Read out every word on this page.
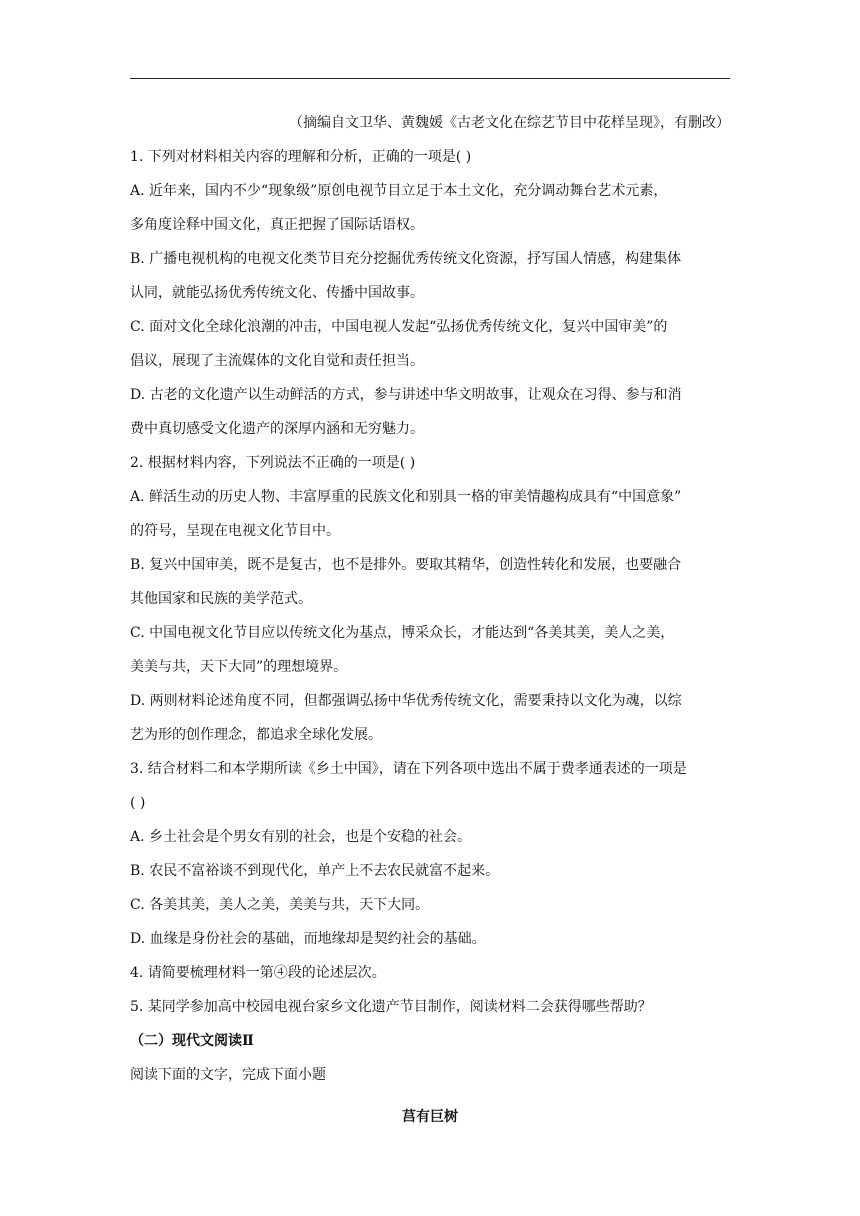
（摘编自文卫华、黄魏媛《古老文化在综艺节目中花样呈现》，有删改）
1. 下列对材料相关内容的理解和分析，正确的一项是( )
A. 近年来，国内不少“现象级”原创电视节目立足于本土文化，充分调动舞台艺术元素，
多角度诠释中国文化，真正把握了国际话语权。
B. 广播电视机构的电视文化类节目充分挖掘优秀传统文化资源，抒写国人情感，构建集体
认同，就能弘扬优秀传统文化、传播中国故事。
C. 面对文化全球化浪潮的冲击，中国电视人发起“弘扬优秀传统文化，复兴中国审美”的
倡议，展现了主流媒体的文化自觉和责任担当。
D. 古老的文化遗产以生动鲜活的方式，参与讲述中华文明故事，让观众在习得、参与和消
费中真切感受文化遗产的深厚内涵和无穷魅力。
2. 根据材料内容，下列说法不正确的一项是( )
A. 鲜活生动的历史人物、丰富厚重的民族文化和别具一格的审美情趣构成具有“中国意象”
的符号，呈现在电视文化节目中。
B. 复兴中国审美，既不是复古，也不是排外。要取其精华，创造性转化和发展，也要融合
其他国家和民族的美学范式。
C. 中国电视文化节目应以传统文化为基点，博采众长，才能达到“各美其美，美人之美，
美美与共，天下大同”的理想境界。
D. 两则材料论述角度不同，但都强调弘扬中华优秀传统文化，需要秉持以文化为魂，以综
艺为形的创作理念，都追求全球化发展。
3. 结合材料二和本学期所读《乡土中国》，请在下列各项中选出不属于费孝通表述的一项是
( )
A. 乡土社会是个男女有别的社会，也是个安稳的社会。
B. 农民不富裕谈不到现代化，单产上不去农民就富不起来。
C. 各美其美，美人之美，美美与共，天下大同。
D. 血缘是身份社会的基础，而地缘却是契约社会的基础。
4. 请简要梳理材料一第④段的论述层次。
5. 某同学参加高中校园电视台家乡文化遗产节目制作，阅读材料二会获得哪些帮助？
（二）现代文阅读Ⅱ
阅读下面的文字，完成下面小题
莒有巨树
